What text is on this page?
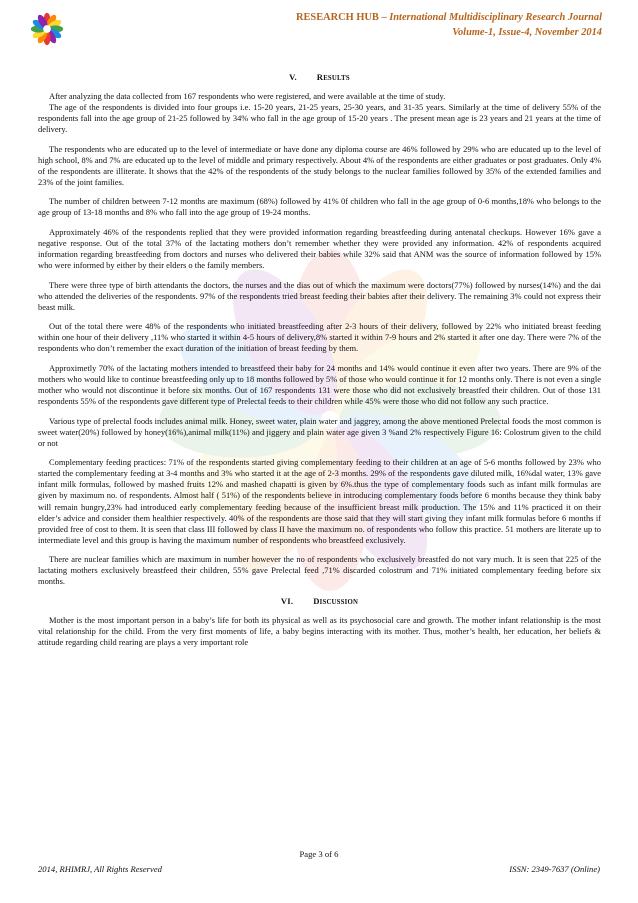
RESEARCH HUB – International Multidisciplinary Research Journal
Volume-1, Issue-4, November 2014
V. RESULTS

After analyzing the data collected from 167 respondents who were registered, and were available at the time of study.

The age of the respondents is divided into four groups i.e. 15-20 years, 21-25 years, 25-30 years, and 31-35 years. Similarly at the time of delivery 55% of the respondents fall into the age group of 21-25 followed by 34% who fall in the age group of 15-20 years . The present mean age is 23 years and 21 years at the time of delivery.

The respondents who are educated up to the level of intermediate or have done any diploma course are 46% followed by 29% who are educated up to the level of high school, 8% and 7% are educated up to the level of middle and primary respectively. About 4% of the respondents are either graduates or post graduates. Only 4% of the respondents are illiterate. It shows that the 42% of the respondents of the study belongs to the nuclear families followed by 35% of the extended families and 23% of the joint families.

The number of children between 7-12 months are maximum (68%) followed by 41% 0f children who fall in the age group of 0-6 months,18% who belongs to the age group of 13-18 months and 8% who fall into the age group of 19-24 months.

Approximately 46% of the respondents replied that they were provided information regarding breastfeeding during antenatal checkups. However 16% gave a negative response. Out of the total 37% of the lactating mothers don’t remember whether they were provided any information. 42% of respondents acquired information regarding breastfeeding from doctors and nurses who delivered their babies while 32% said that ANM was the source of information followed by 15% who were informed by either by their elders o the family members.

There were three type of birth attendants the doctors, the nurses and the dias out of which the maximum were doctors(77%) followed by nurses(14%) and the dai who attended the deliveries of the respondents. 97% of the respondents tried breast feeding their babies after their delivery. The remaining 3% could not express their beast milk.

Out of the total there were 48% of the respondents who initiated breastfeeding after 2-3 hours of their delivery, followed by 22% who initiated breast feeding within one hour of their delivery ,11% who started it within 4-5 hours of delivery,8% started it within 7-9 hours and 2% started it after one day. There were 7% of the respondents who don’t remember the exact duration of the initiation of breast feeding by them.

Approximetly 70% of the lactating mothers intended to breastfeed their baby for 24 months and 14% would continue it even after two years. There are 9% of the mothers who would like to continue breastfeeding only up to 18 months followed by 5% of those who would continue it for 12 months only. There is not even a single mother who would not discontinue it before six months. Out of 167 respondents 131 were those who did not exclusively breastfed their children. Out of those 131 respondents 55% of the respondents gave different type of Prelectal feeds to their children while 45% were those who did not follow any such practice.

Various type of prelectal foods includes animal milk. Honey, sweet water, plain water and jaggrey, among the above mentioned Prelectal foods the most common is sweet water(20%) followed by honey(16%),animal milk(11%) and jiggery and plain water age given 3 %and 2% respectively Figure 16: Colostrum given to the child or not

Complementary feeding practices: 71% of the respondents started giving complementary feeding to their children at an age of 5-6 months followed by 23% who started the complementary feeding at 3-4 months and 3% who started it at the age of 2-3 months. 29% of the respondents gave diluted milk, 16%dal water, 13% gave infant milk formulas, followed by mashed fruits 12% and mashed chapatti is given by 6%.thus the type of complementary foods such as infant milk formulas are given by maximum no. of respondents. Almost half ( 51%) of the respondents believe in introducing complementary foods before 6 months because they think baby will remain hungry,23% had introduced early complementary feeding because of the insufficient breast milk production. The 15% and 11% practiced it on their elder’s advice and consider them healthier respectively. 40% of the respondents are those said that they will start giving they infant milk formulas before 6 months if provided free of cost to them. It is seen that class III followed by class II have the maximum no. of respondents who follow this practice. 51 mothers are literate up to intermediate level and this group is having the maximum number of respondents who breastfeed exclusively.

There are nuclear families which are maximum in number however the no of respondents who exclusively breastfed do not vary much. It is seen that 225 of the lactating mothers exclusively breastfeed their children, 55% gave Prelectal feed ,71% discarded colostrum and 71% initiated complementary feeding before six months.

VI. DISCUSSION

Mother is the most important person in a baby’s life for both its physical as well as its psychosocial care and growth. The mother infant relationship is the most vital relationship for the child. From the very first moments of life, a baby begins interacting with its mother. Thus, mother’s health, her education, her beliefs & attitude regarding child rearing are plays a very important role

Page 3 of 6
2014, RHIMRJ, All Rights Reserved	ISSN: 2349-7637 (Online)
